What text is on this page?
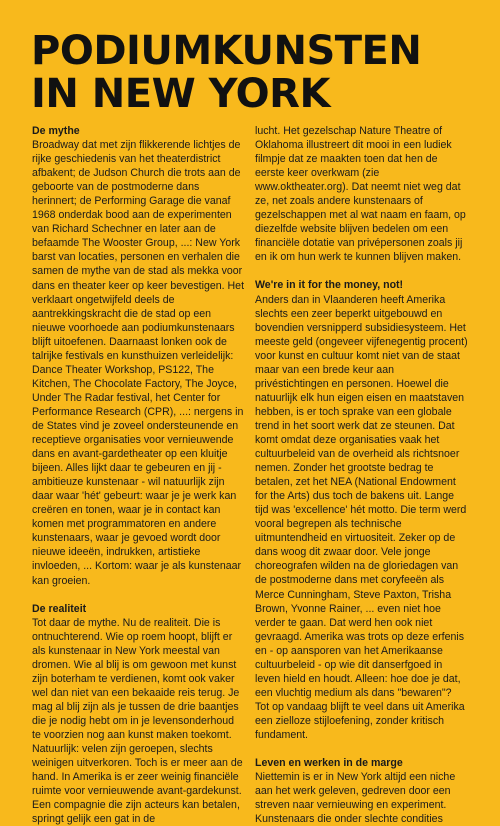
PODIUMKUNSTEN
IN NEW YORK
De mythe

Broadway dat met zijn flikkerende lichtjes de rijke geschiedenis van het theaterdistrict afbakent; de Judson Church die trots aan de geboorte van de postmoderne dans herinnert; de Performing Garage die vanaf 1968 onderdak bood aan de experimenten van Richard Schechner en later aan de befaamde The Wooster Group, ...: New York barst van locaties, personen en verhalen die samen de mythe van de stad als mekka voor dans en theater keer op keer bevestigen. Het verklaart ongetwijfeld deels de aantrekkingskracht die de stad op een nieuwe voorhoede aan podiumkunstenaars blijft uitoefenen. Daarnaast lonken ook de talrijke festivals en kunsthuizen verleidelijk: Dance Theater Workshop, PS122, The Kitchen, The Chocolate Factory, The Joyce, Under The Radar festival, het Center for Performance Research (CPR), ...: nergens in de States vind je zoveel ondersteunende en receptieve organisaties voor vernieuwende dans en avant-gardetheater op een kluitje bijeen. Alles lijkt daar te gebeuren en jij - ambitieuze kunstenaar - wil natuurlijk zijn daar waar 'hét' gebeurt: waar je je werk kan creëren en tonen, waar je in contact kan komen met programmatoren en andere kunstenaars, waar je gevoed wordt door nieuwe ideeën, indrukken, artistieke invloeden, ... Kortom: waar je als kunstenaar kan groeien.

De realiteit

Tot daar de mythe. Nu de realiteit. Die is ontnuchterend. Wie op roem hoopt, blijft er als kunstenaar in New York meestal van dromen. Wie al blij is om gewoon met kunst zijn boterham te verdienen, komt ook vaker wel dan niet van een bekaaide reis terug. Je mag al blij zijn als je tussen de drie baantjes die je nodig hebt om in je levensonderhoud te voorzien nog aan kunst maken toekomt. Natuurlijk: velen zijn geroepen, slechts weinigen uitverkoren. Toch is er meer aan de hand. In Amerika is er zeer weinig financiële ruimte voor vernieuwende avant-gardekunst. Een compagnie die zijn acteurs kan betalen, springt gelijk een gat in de

lucht. Het gezelschap Nature Theatre of Oklahoma illustreert dit mooi in een ludiek filmpje dat ze maakten toen dat hen de eerste keer overkwam (zie www.oktheater.org). Dat neemt niet weg dat ze, net zoals andere kunstenaars of gezelschappen met al wat naam en faam, op diezelfde website blijven bedelen om een financiële dotatie van privépersonen zoals jij en ik om hun werk te kunnen blijven maken.

We're in it for the money, not!

Anders dan in Vlaanderen heeft Amerika slechts een zeer beperkt uitgebouwd en bovendien versnipperd subsidiesysteem. Het meeste geld (ongeveer vijfenegentig procent) voor kunst en cultuur komt niet van de staat maar van een brede keur aan privéstichtingen en personen. Hoewel die natuurlijk elk hun eigen eisen en maatstaven hebben, is er toch sprake van een globale trend in het soort werk dat ze steunen. Dat komt omdat deze organisaties vaak het cultuurbeleid van de overheid als richtsnoer nemen. Zonder het grootste bedrag te betalen, zet het NEA (National Endowment for the Arts) dus toch de bakens uit. Lange tijd was 'excellence' hét motto. Die term werd vooral begrepen als technische uitmuntendheid en virtuositeit. Zeker op de dans woog dit zwaar door. Vele jonge choreografen wilden na de gloriedagen van de postmoderne dans met coryfeeën als Merce Cunningham, Steve Paxton, Trisha Brown, Yvonne Rainer, ... even niet hoe verder te gaan. Dat werd hen ook niet gevraagd. Amerika was trots op deze erfenis en - op aansporen van het Amerikaanse cultuurbeleid - op wie dit danserfgoed in leven hield en houdt. Alleen: hoe doe je dat, een vluchtig medium als dans "bewaren"? Tot op vandaag blijft te veel dans uit Amerika een zielloze stijloefening, zonder kritisch fundament.

Leven en werken in de marge

Niettemin is er in New York altijd een niche aan het werk geleven, gedreven door een streven naar vernieuwing en experiment. Kunstenaars die onder slechte condities
